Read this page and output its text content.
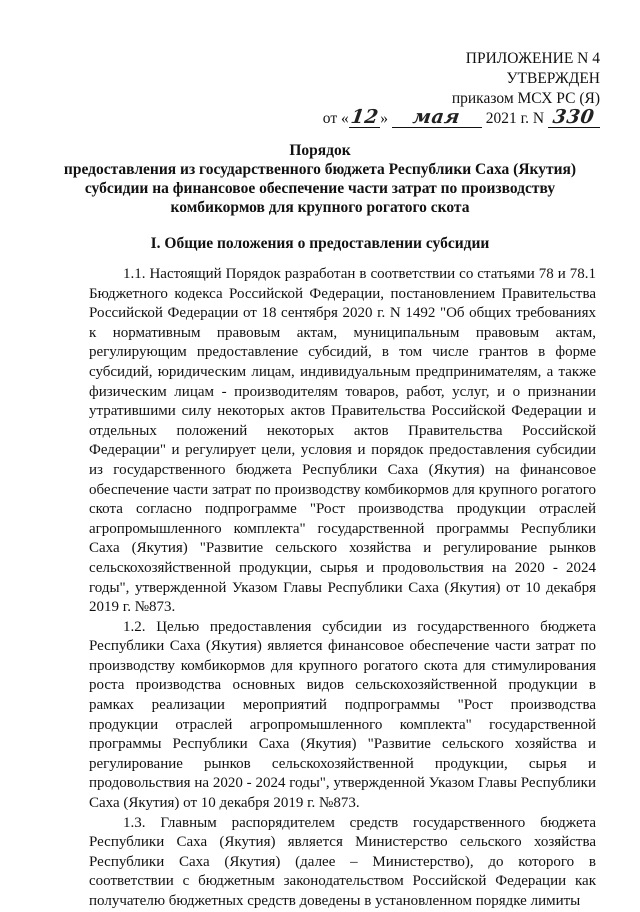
ПРИЛОЖЕНИЕ N 4
УТВЕРЖДЕН
приказом МСХ РС (Я)
от «12» мая 2021 г. N 330
Порядок
предоставления из государственного бюджета Республики Саха (Якутия)
субсидии на финансовое обеспечение части затрат по производству
комбикормов для крупного рогатого скота
I. Общие положения о предоставлении субсидии

1.1. Настоящий Порядок разработан в соответствии со статьями 78 и 78.1 Бюджетного кодекса Российской Федерации, постановлением Правительства Российской Федерации от 18 сентября 2020 г. N 1492 "Об общих требованиях к нормативным правовым актам, муниципальным правовым актам, регулирующим предоставление субсидий, в том числе грантов в форме субсидий, юридическим лицам, индивидуальным предпринимателям, а также физическим лицам - производителям товаров, работ, услуг, и о признании утратившими силу некоторых актов Правительства Российской Федерации и отдельных положений некоторых актов Правительства Российской Федерации" и регулирует цели, условия и порядок предоставления субсидии из государственного бюджета Республики Саха (Якутия) на финансовое обеспечение части затрат по производству комбикормов для крупного рогатого скота согласно подпрограмме "Рост производства продукции отраслей агропромышленного комплекта" государственной программы Республики Саха (Якутия) "Развитие сельского хозяйства и регулирование рынков сельскохозяйственной продукции, сырья и продовольствия на 2020 - 2024 годы", утвержденной Указом Главы Республики Саха (Якутия) от 10 декабря 2019 г. №873.

1.2. Целью предоставления субсидии из государственного бюджета Республики Саха (Якутия) является финансовое обеспечение части затрат по производству комбикормов для крупного рогатого скота для стимулирования роста производства основных видов сельскохозяйственной продукции в рамках реализации мероприятий подпрограммы "Рост производства продукции отраслей агропромышленного комплекта" государственной программы Республики Саха (Якутия) "Развитие сельского хозяйства и регулирование рынков сельскохозяйственной продукции, сырья и продовольствия на 2020 - 2024 годы", утвержденной Указом Главы Республики Саха (Якутия) от 10 декабря 2019 г. №873.

1.3. Главным распорядителем средств государственного бюджета Республики Саха (Якутия) является Министерство сельского хозяйства Республики Саха (Якутия) (далее – Министерство), до которого в соответствии с бюджетным законодательством Российской Федерации как получателю бюджетных средств доведены в установленном порядке лимиты
